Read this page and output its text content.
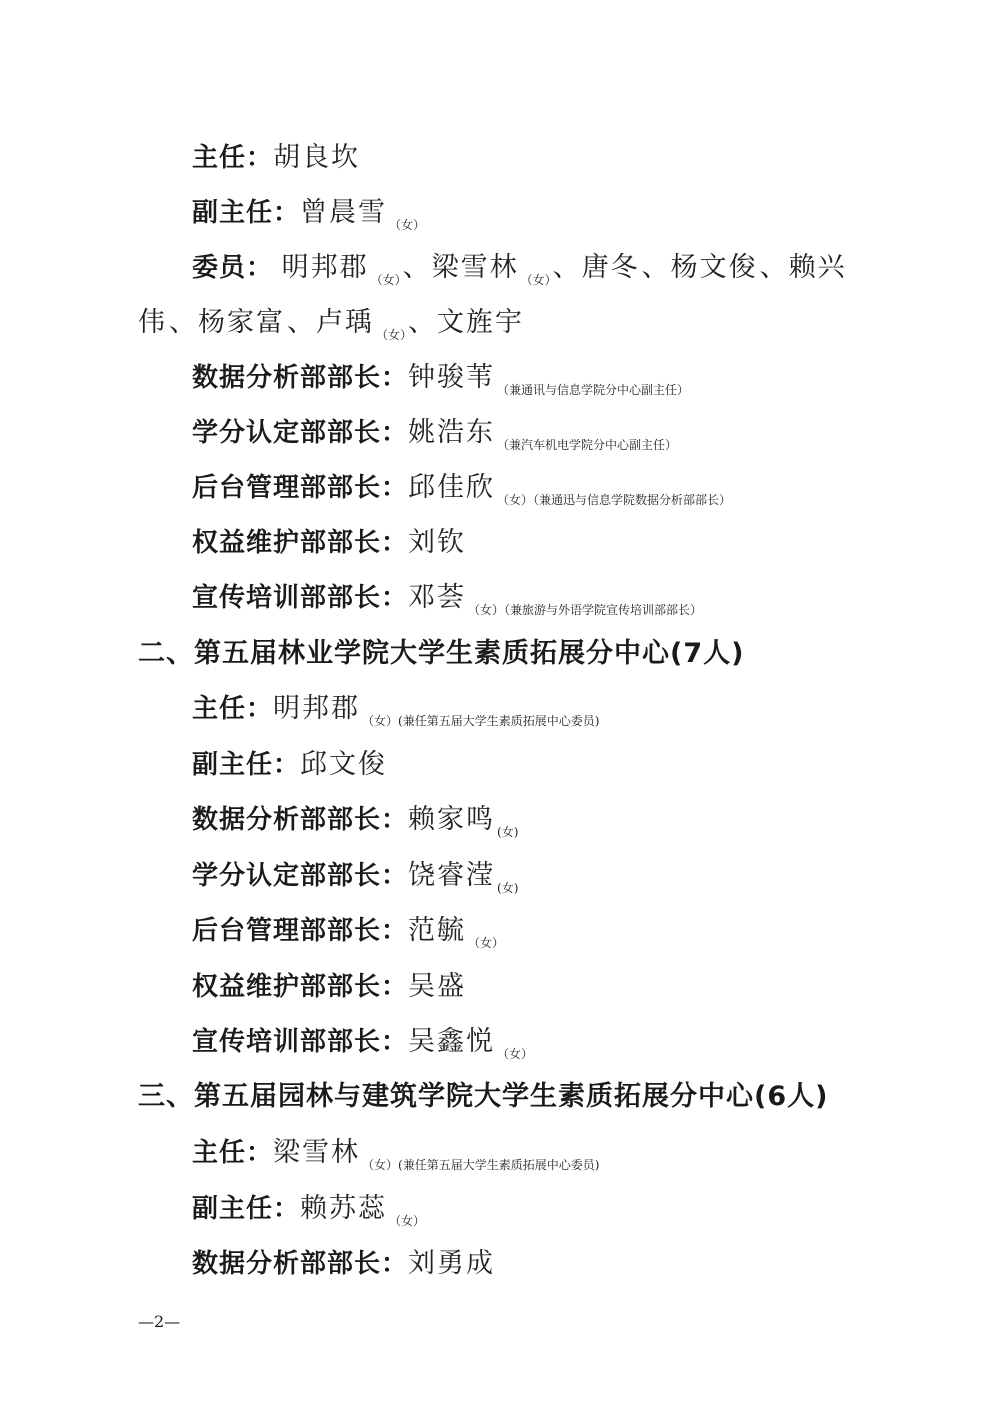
主任：胡良坎
副主任：曾晨雪 $_{(女)}$
委员： 明邦郡 $_{(女)}$、梁雪林 $_{(女)}$、唐冬、杨文俊、赖兴
伟、杨家富、卢瑀 $_{(女)}$、文旌宇
数据分析部部长：钟骏苇 $_{(兼通讯与信息学院分中心副主任)}$
学分认定部部长：姚浩东 $_{(兼汽车机电学院分中心副主任)}$
后台管理部部长：邱佳欣 $_{(女)(兼通迅与信息学院数据分析部部长)}$
权益维护部部长：刘钦
宣传培训部部长：邓荟 $_{(女)(兼旅游与外语学院宣传培训部部长)}$
二、第五届林业学院大学生素质拓展分中心(7人)
主任：明邦郡 $_{(女)(兼任第五届大学生素质拓展中心委员)}$
副主任：邱文俊
数据分析部部长：赖家鸣 $_{(女)}$
学分认定部部长：饶睿滢 $_{(女)}$
后台管理部部长：范毓 $_{(女)}$
权益维护部部长：吴盛
宣传培训部部长：吴鑫悦 $_{(女)}$
三、第五届园林与建筑学院大学生素质拓展分中心(6人)
主任：梁雪林 $_{(女)(兼任第五届大学生素质拓展中心委员)}$
副主任：赖苏蕊 $_{(女)}$
数据分析部部长：刘勇成
—2—
